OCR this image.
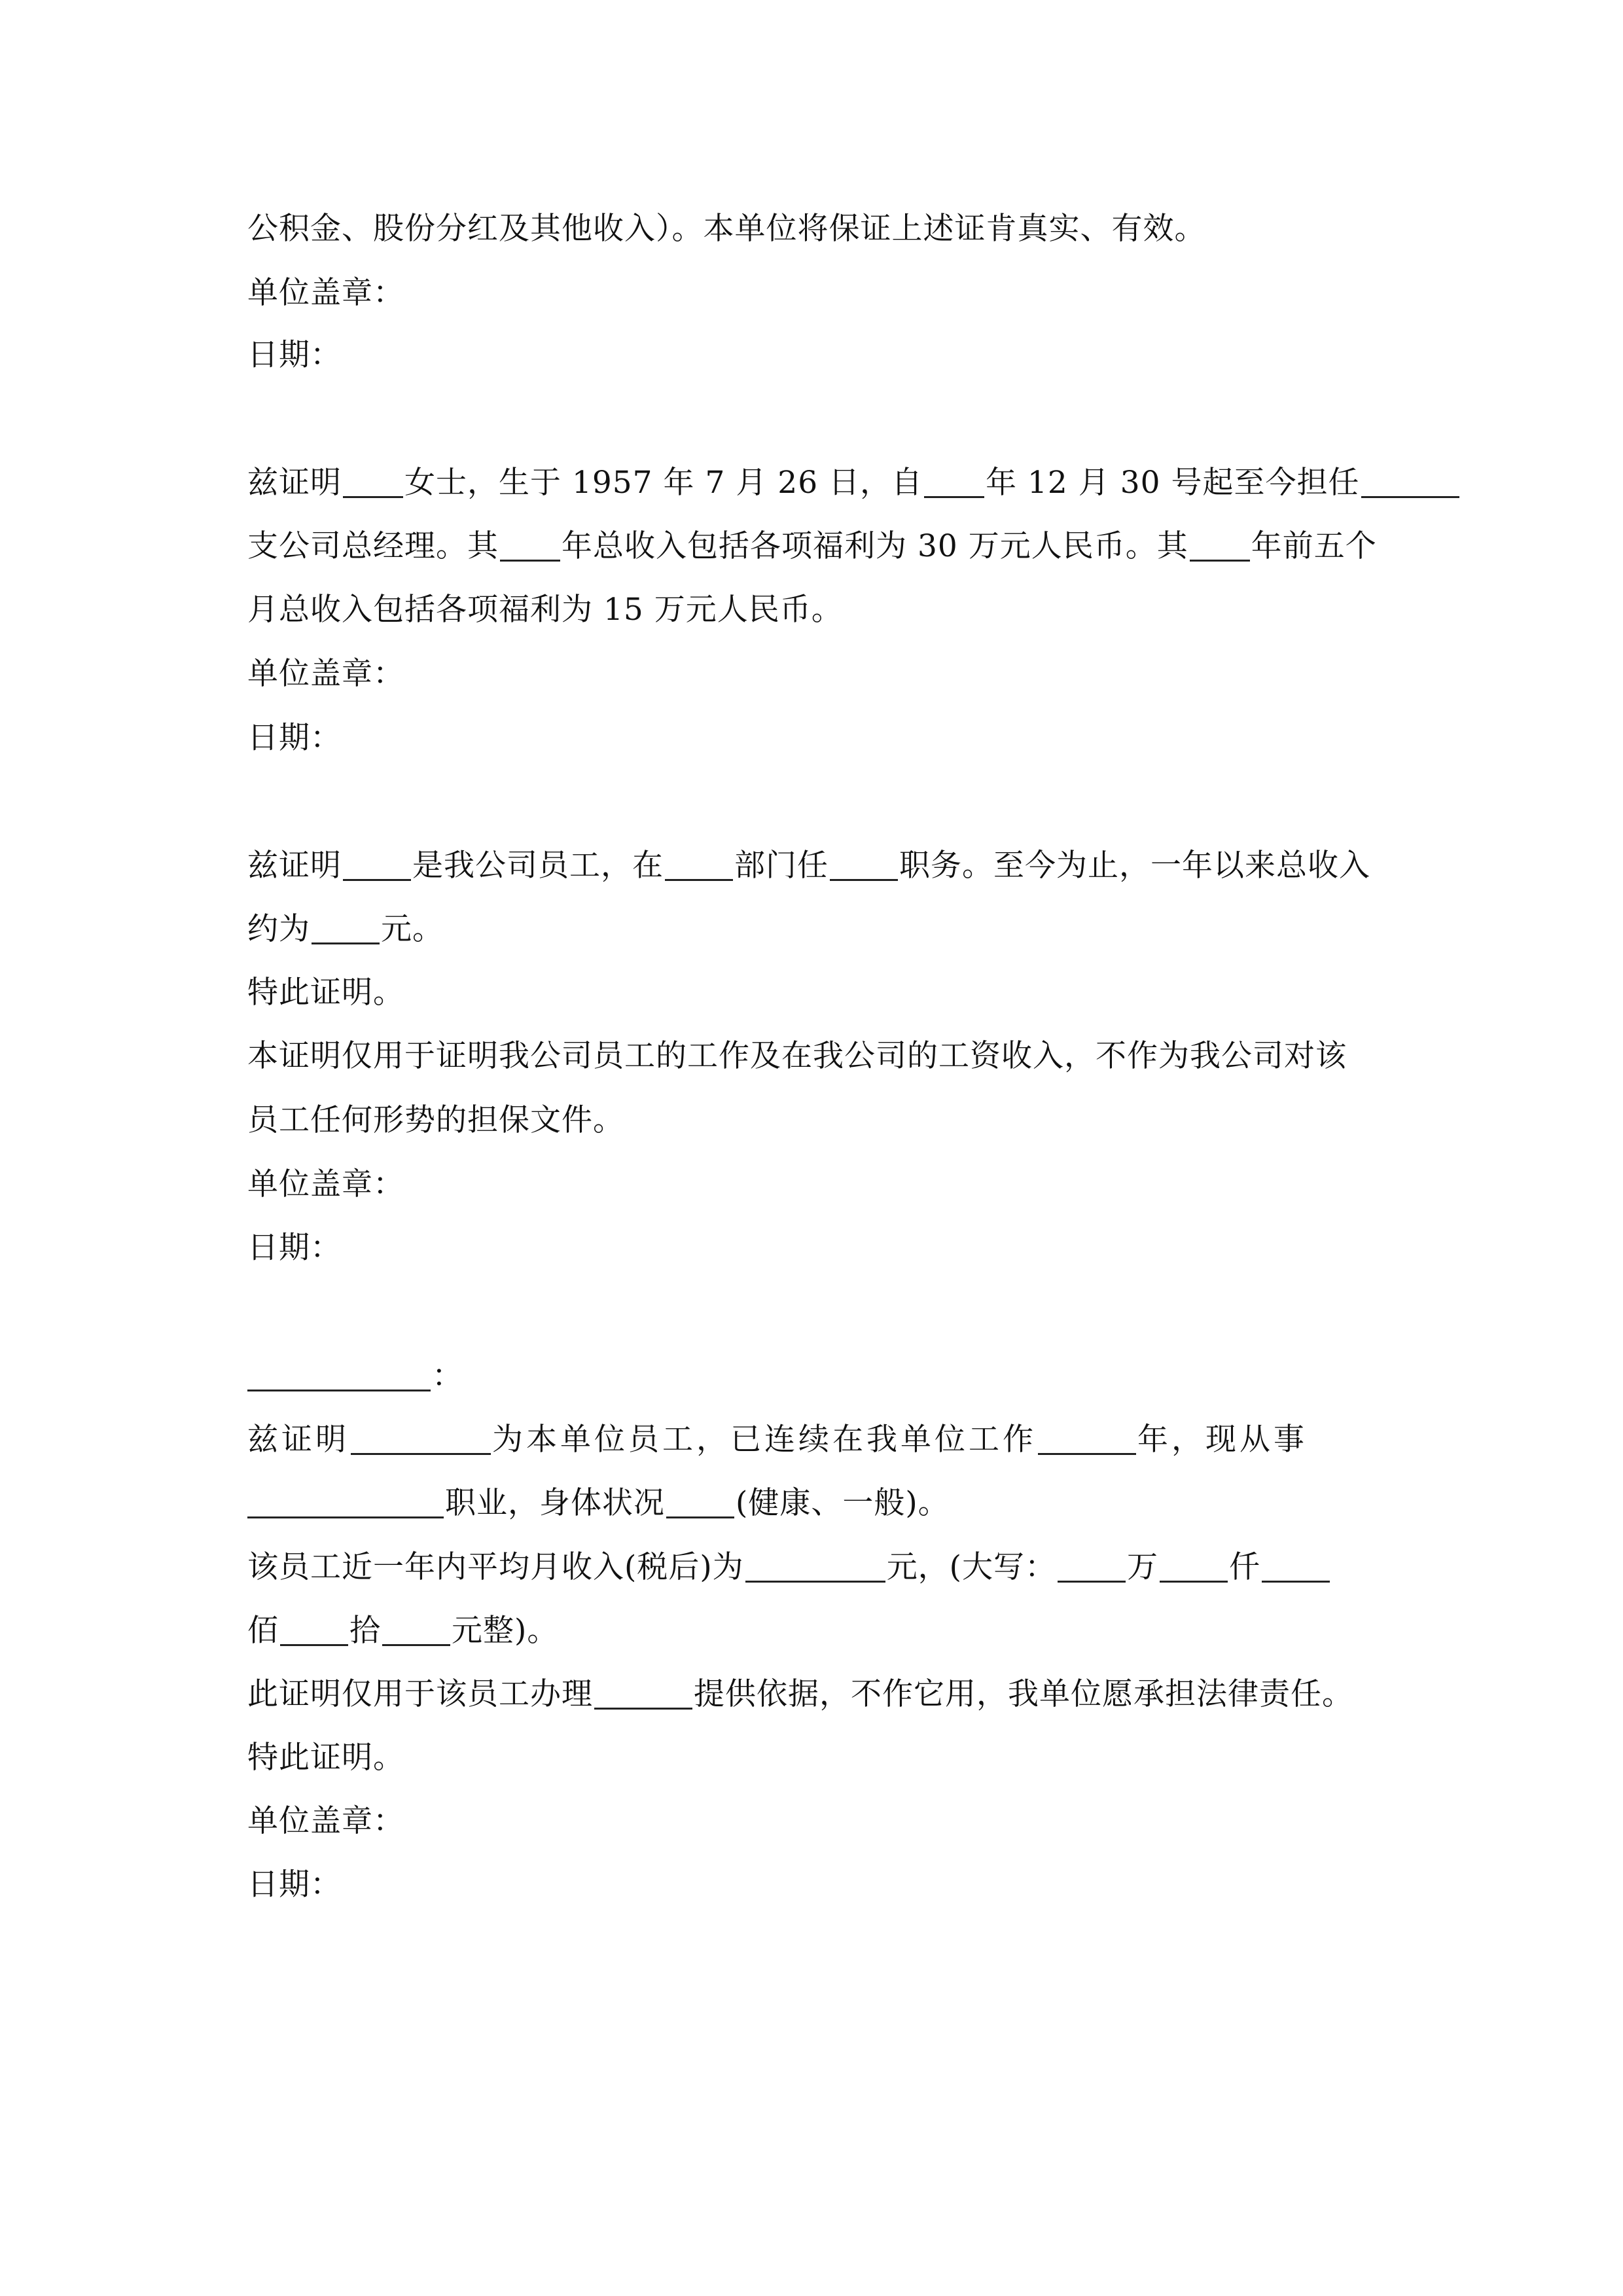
公积金、股份分红及其他收入）。本单位将保证上述证肯真实、有效。
单位盖章：
日期：
兹证明 女士，生于 1957 年 7 月 26 日，自 年 12 月 30 号起至今担任
支公司总经理。其 年总收入包括各项福利为 30 万元人民币。其 年前五个
月总收入包括各项福利为 15 万元人民币。
单位盖章：
日期：
兹证明 是我公司员工，在 部门任 职务。至今为止，一年以来总收入
约为 元。
特此证明。
本证明仅用于证明我公司员工的工作及在我公司的工资收入，不作为我公司对该
员工任何形势的担保文件。
单位盖章：
日期：
：
兹证明	为本单位员工，已连续在我单位工作	年，现从事
职业，身体状况 (健康、一般)。
该员工近一年内平均月收入(税后)为	元，(大写： 万 仟
佰 拾 元整)。
此证明仅用于该员工办理	提供依据，不作它用，我单位愿承担法律责任。
特此证明。
单位盖章：
日期：
